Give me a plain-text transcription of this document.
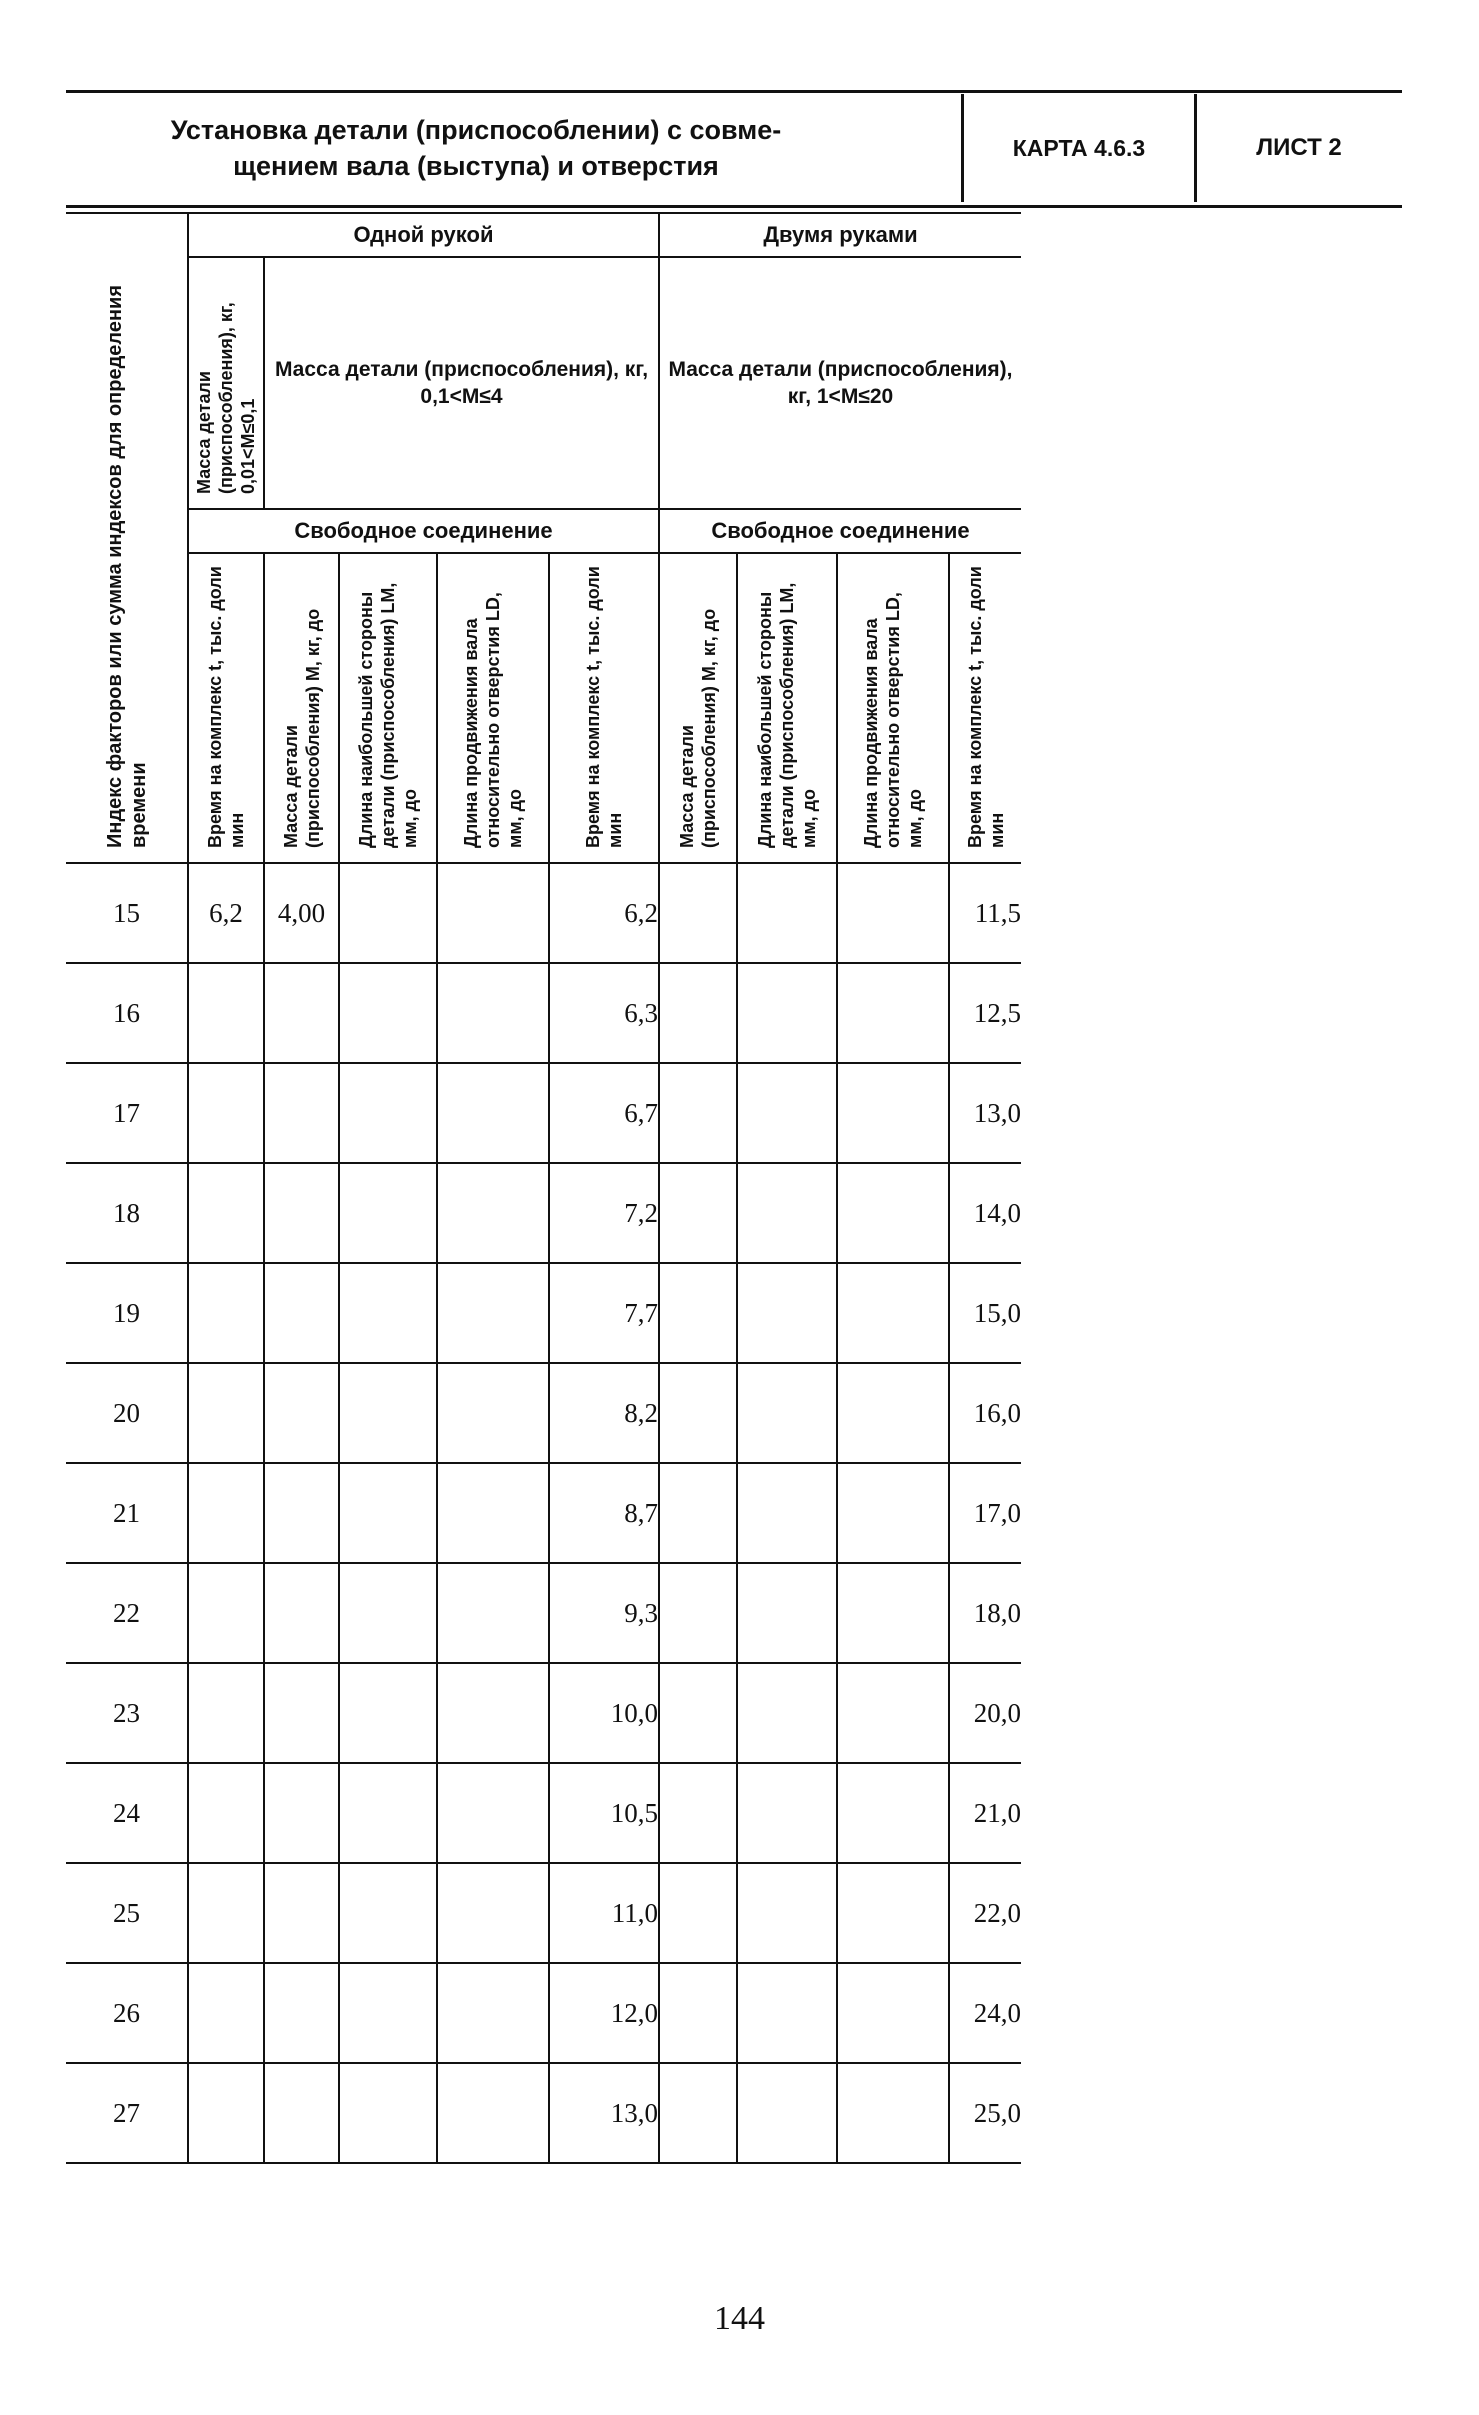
Установка детали (приспособлении) с совме-
щением вала (выступа) и отверстия
КАРТА 4.6.3	ЛИСТ 2
Индекс факторов или сумма индексов для определения времени	Одной рукой					Двумя руками			

	Масса детали (приспособления), кг, 0,01<M≤0,1	Масса детали (приспособления), кг, 0,1<M≤4				Масса детали (приспособления), кг, 1<M≤20			
	Свободное соединение					Свободное соединение			

	Время на комплекс t, тыс. доли мин	Масса детали (приспособления) M, кг, до	Длина наибольшей стороны детали (приспособления) LM, мм, до	Длина продвижения вала относительно отверстия LD, мм, до	Время на комплекс t, тыс. доли мин	Масса детали (приспособления) M, кг, до	Длина наибольшей стороны детали (приспособления) LM, мм, до	Длина продвижения вала относительно отверстия LD, мм, до	Время на комплекс t, тыс. доли мин

15	6,2	4,00			6,2				11,5
16					6,3				12,5
17					6,7				13,0
18					7,2				14,0
19					7,7				15,0
20					8,2				16,0
21					8,7				17,0
22					9,3				18,0
23					10,0				20,0
24					10,5				21,0
25					11,0				22,0
26					12,0				24,0
27					13,0				25,0
144
